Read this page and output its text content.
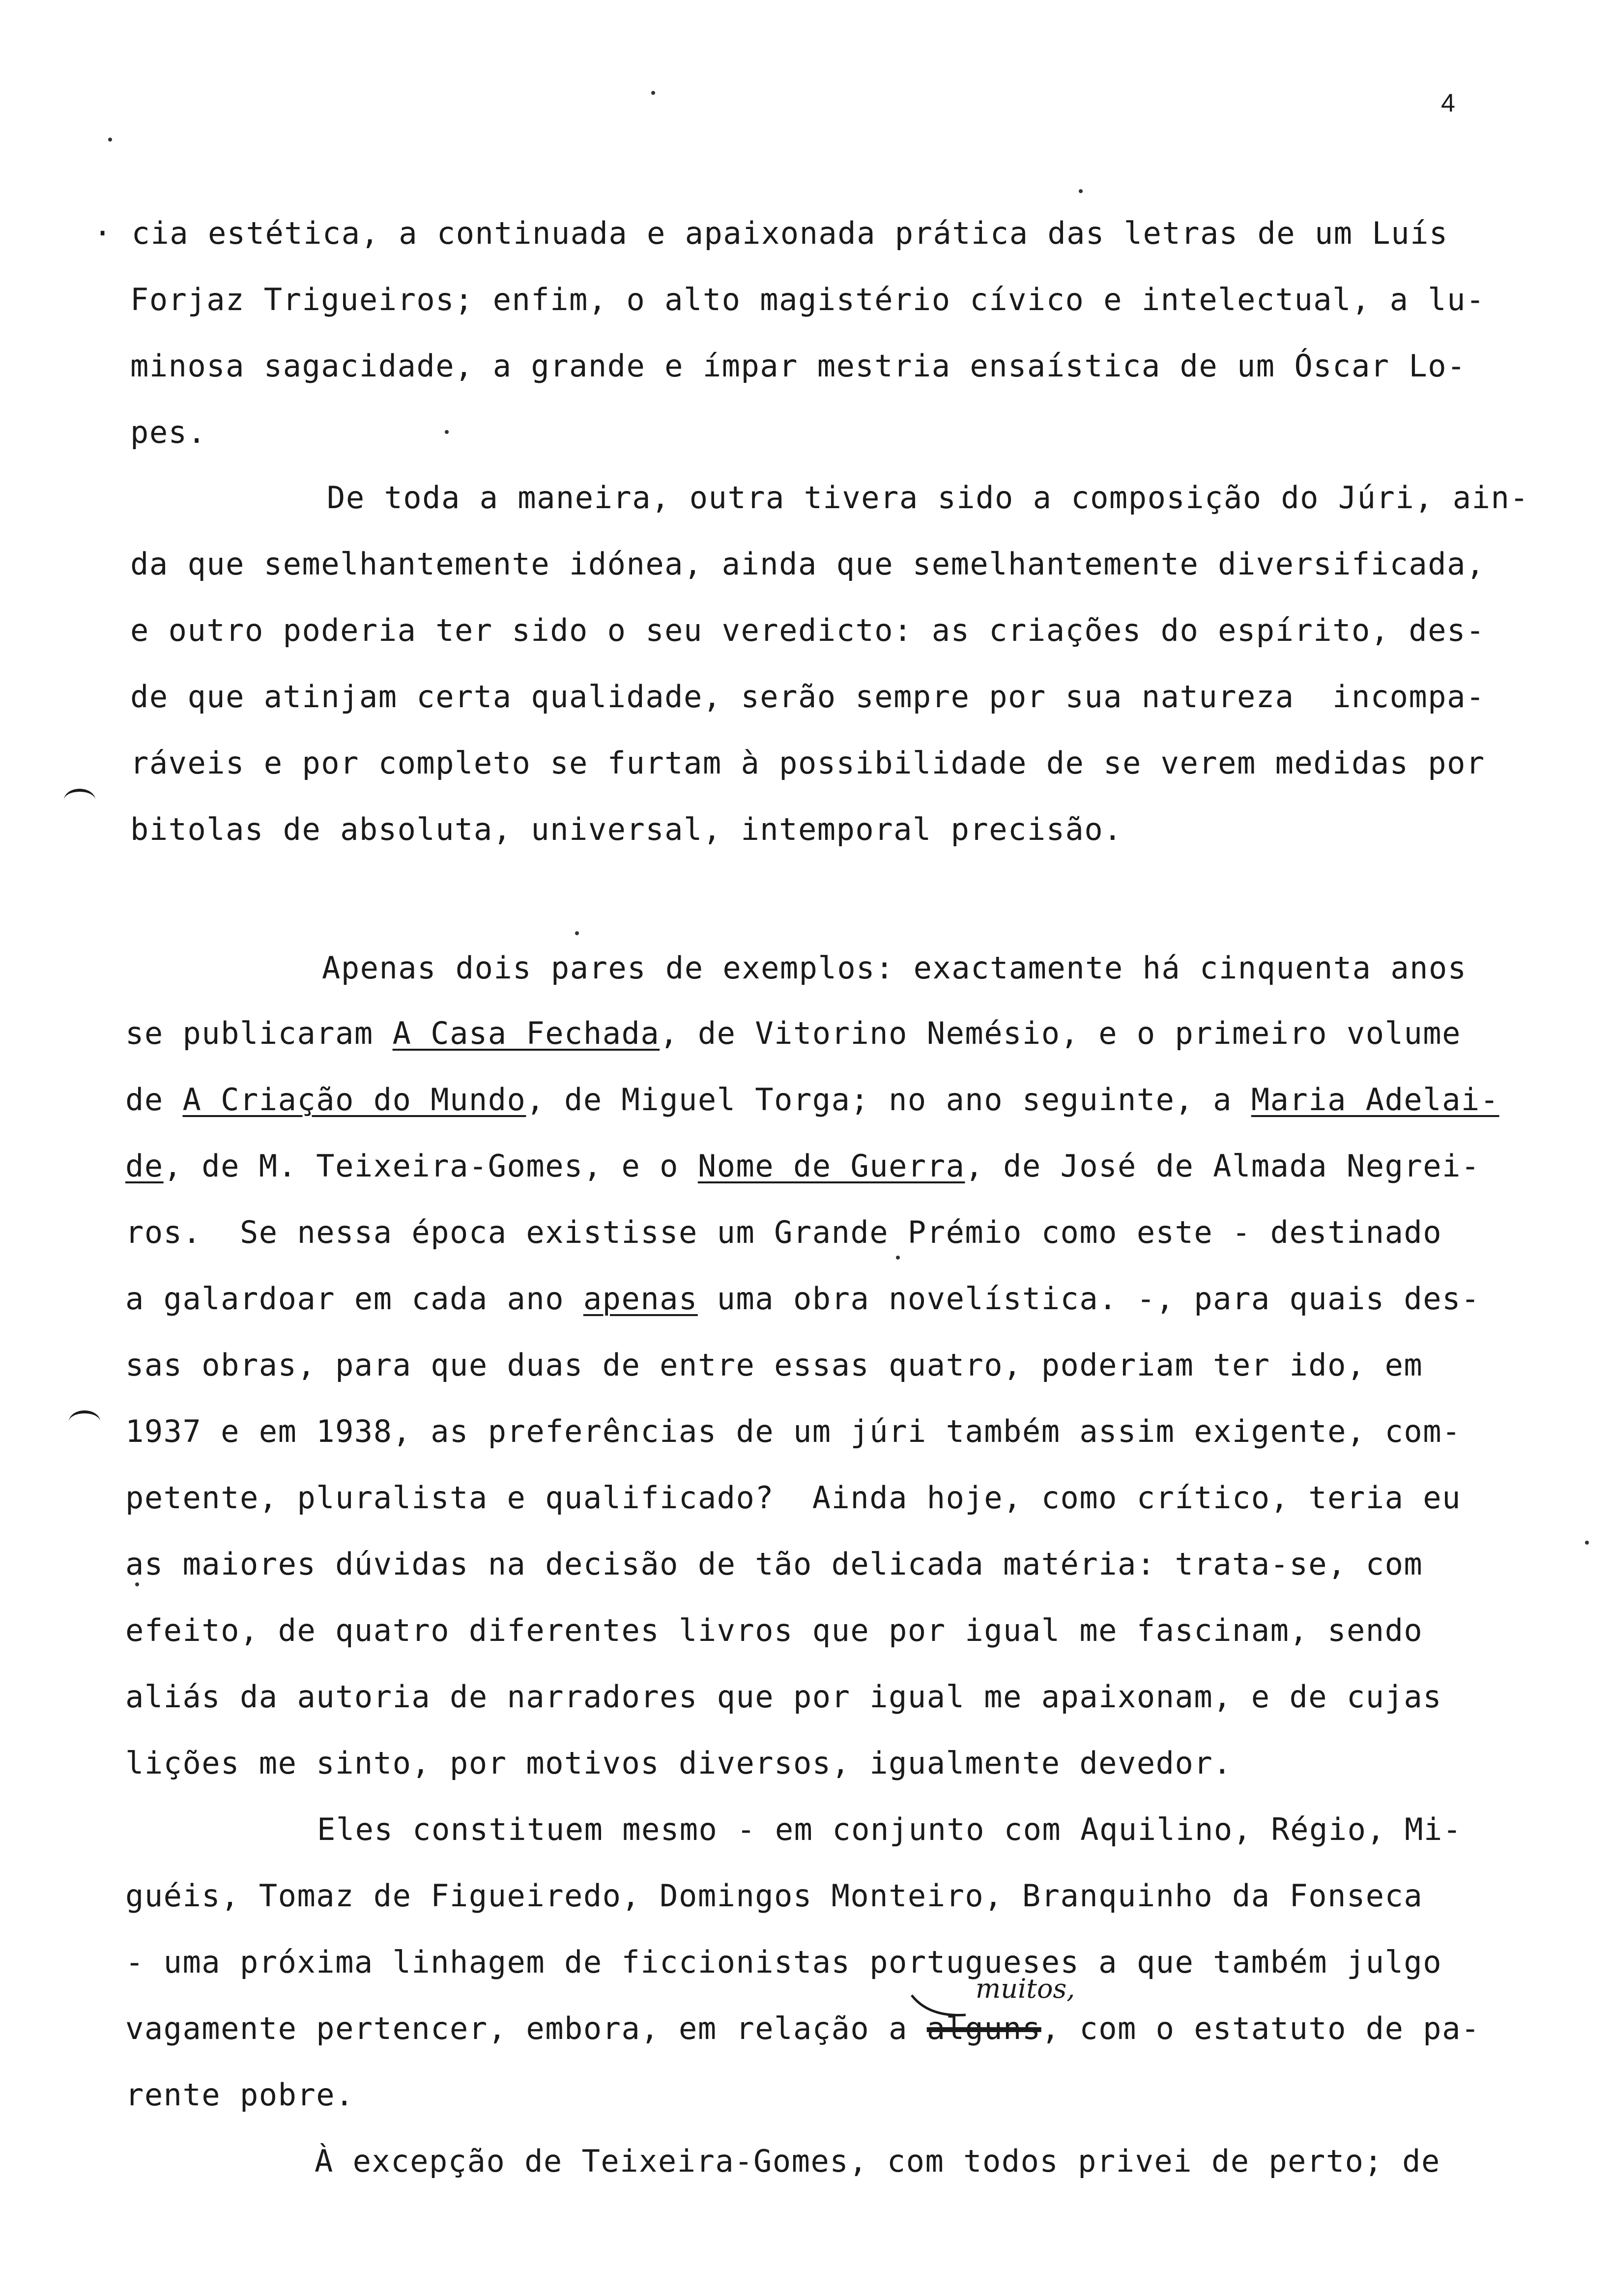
4
· cia estética, a continuada e apaixonada prática das letras de um Luís
Forjaz Trigueiros; enfim, o alto magistério cívico e intelectual, a lu-
minosa sagacidade, a grande e ímpar mestria ensaística de um Óscar Lo-
pes.
De toda a maneira, outra tivera sido a composição do Júri, ain-
da que semelhantemente idónea, ainda que semelhantemente diversificada,
e outro poderia ter sido o seu veredicto: as criações do espírito, des-
de que atinjam certa qualidade, serão sempre por sua natureza  incompa-
ráveis e por completo se furtam à possibilidade de se verem medidas por
bitolas de absoluta, universal, intemporal precisão.
Apenas dois pares de exemplos: exactamente há cinquenta anos
se publicaram A Casa Fechada, de Vitorino Nemésio, e o primeiro volume
de A Criação do Mundo, de Miguel Torga; no ano seguinte, a Maria Adelai-
de, de M. Teixeira-Gomes, e o Nome de Guerra, de José de Almada Negrei-
ros.  Se nessa época existisse um Grande Prémio como este - destinado
a galardoar em cada ano apenas uma obra novelística. -, para quais des-
sas obras, para que duas de entre essas quatro, poderiam ter ido, em
1937 e em 1938, as preferências de um júri também assim exigente, com-
petente, pluralista e qualificado?  Ainda hoje, como crítico, teria eu
as maiores dúvidas na decisão de tão delicada matéria: trata-se, com
efeito, de quatro diferentes livros que por igual me fascinam, sendo
aliás da autoria de narradores que por igual me apaixonam, e de cujas
lições me sinto, por motivos diversos, igualmente devedor.
Eles constituem mesmo - em conjunto com Aquilino, Régio, Mi-
guéis, Tomaz de Figueiredo, Domingos Monteiro, Branquinho da Fonseca
- uma próxima linhagem de ficcionistas portugueses a que também julgo
vagamente pertencer, embora, em relação a alguns, com o estatuto de pa-
rente pobre.
À excepção de Teixeira-Gomes, com todos privei de perto; de
muitos,
